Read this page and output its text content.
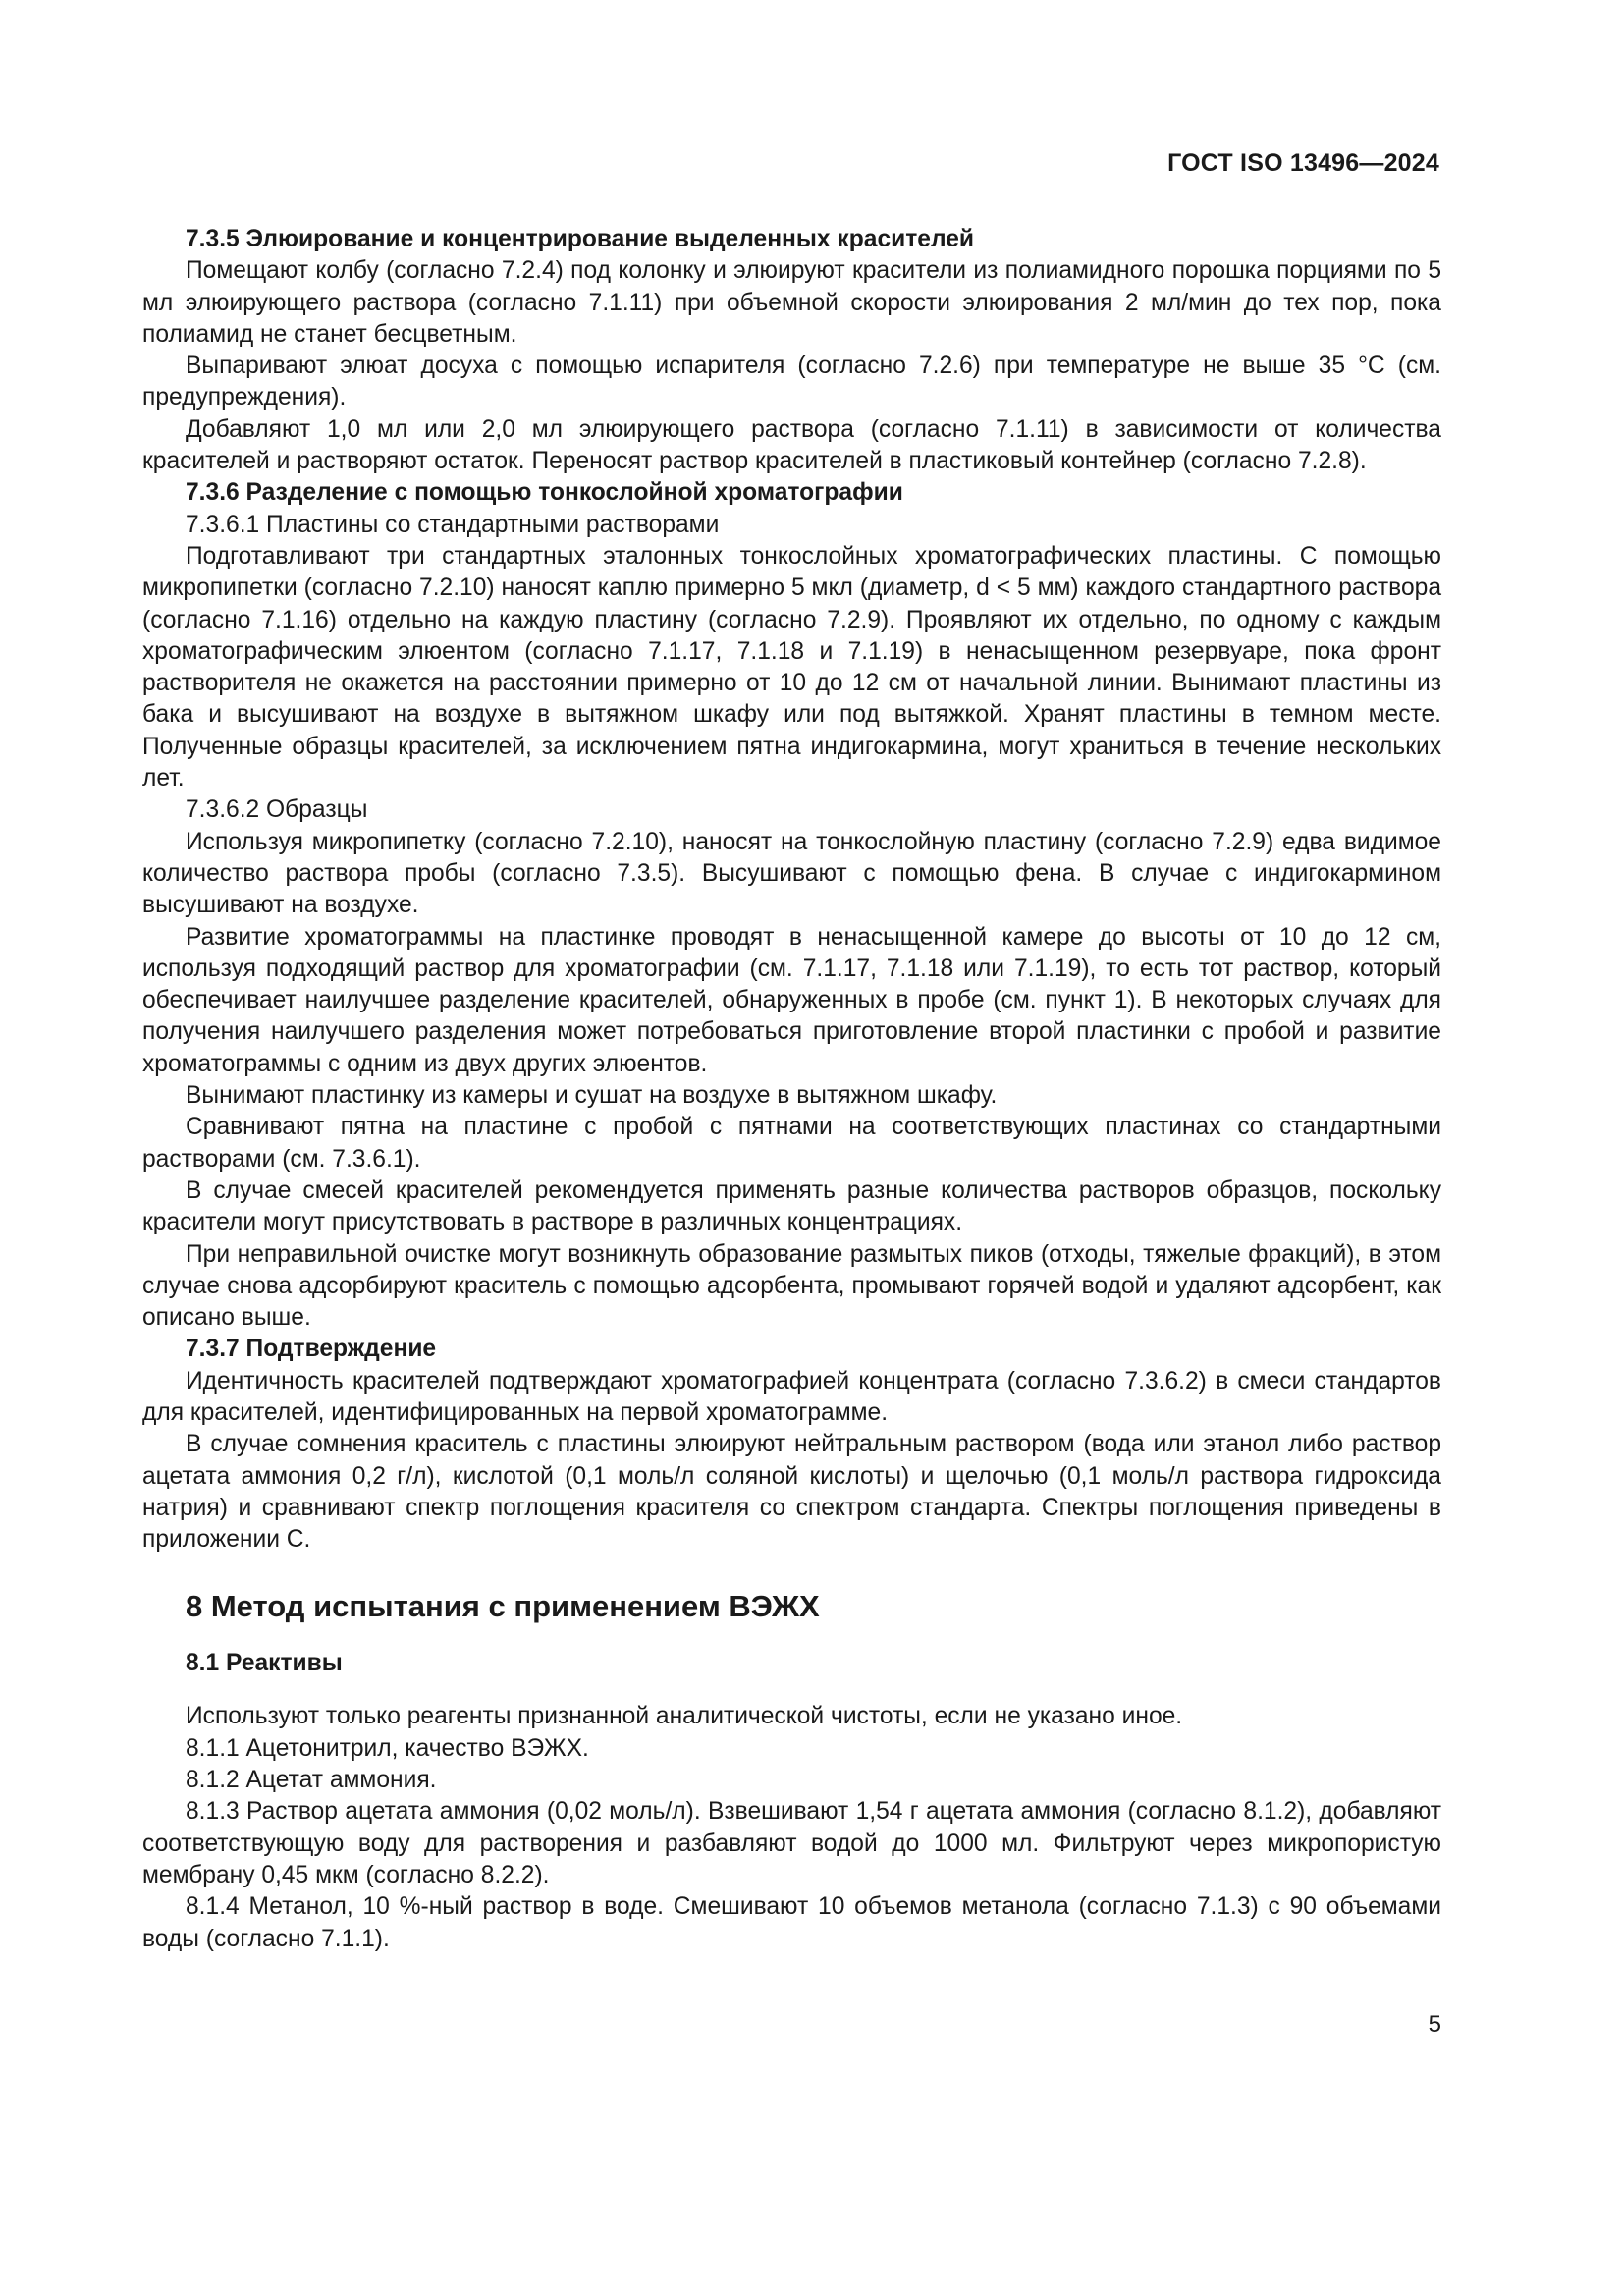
ГОСТ ISO 13496—2024

7.3.5 Элюирование и концентрирование выделенных красителей

Помещают колбу (согласно 7.2.4) под колонку и элюируют красители из полиамидного порошка порциями по 5 мл элюирующего раствора (согласно 7.1.11) при объемной скорости элюирования 2 мл/мин до тех пор, пока полиамид не станет бесцветным.

Выпаривают элюат досуха с помощью испарителя (согласно 7.2.6) при температуре не выше 35 °С (см. предупреждения).

Добавляют 1,0 мл или 2,0 мл элюирующего раствора (согласно 7.1.11) в зависимости от количества красителей и растворяют остаток. Переносят раствор красителей в пластиковый контейнер (согласно 7.2.8).

7.3.6 Разделение с помощью тонкослойной хроматографии

7.3.6.1 Пластины со стандартными растворами

Подготавливают три стандартных эталонных тонкослойных хроматографических пластины. С помощью микропипетки (согласно 7.2.10) наносят каплю примерно 5 мкл (диаметр, d < 5 мм) каждого стандартного раствора (согласно 7.1.16) отдельно на каждую пластину (согласно 7.2.9). Проявляют их отдельно, по одному с каждым хроматографическим элюентом (согласно 7.1.17, 7.1.18 и 7.1.19) в ненасыщенном резервуаре, пока фронт растворителя не окажется на расстоянии примерно от 10 до 12 см от начальной линии. Вынимают пластины из бака и высушивают на воздухе в вытяжном шкафу или под вытяжкой. Хранят пластины в темном месте. Полученные образцы красителей, за исключением пятна индигокармина, могут храниться в течение нескольких лет.

7.3.6.2 Образцы

Используя микропипетку (согласно 7.2.10), наносят на тонкослойную пластину (согласно 7.2.9) едва видимое количество раствора пробы (согласно 7.3.5). Высушивают с помощью фена. В случае с индигокармином высушивают на воздухе.

Развитие хроматограммы на пластинке проводят в ненасыщенной камере до высоты от 10 до 12 см, используя подходящий раствор для хроматографии (см. 7.1.17, 7.1.18 или 7.1.19), то есть тот раствор, который обеспечивает наилучшее разделение красителей, обнаруженных в пробе (см. пункт 1). В некоторых случаях для получения наилучшего разделения может потребоваться приготовление второй пластинки с пробой и развитие хроматограммы с одним из двух других элюентов.

Вынимают пластинку из камеры и сушат на воздухе в вытяжном шкафу.

Сравнивают пятна на пластине с пробой с пятнами на соответствующих пластинах со стандартными растворами (см. 7.3.6.1).

В случае смесей красителей рекомендуется применять разные количества растворов образцов, поскольку красители могут присутствовать в растворе в различных концентрациях.

При неправильной очистке могут возникнуть образование размытых пиков (отходы, тяжелые фракций), в этом случае снова адсорбируют краситель с помощью адсорбента, промывают горячей водой и удаляют адсорбент, как описано выше.

7.3.7 Подтверждение

Идентичность красителей подтверждают хроматографией концентрата (согласно 7.3.6.2) в смеси стандартов для красителей, идентифицированных на первой хроматограмме.

В случае сомнения краситель с пластины элюируют нейтральным раствором (вода или этанол либо раствор ацетата аммония 0,2 г/л), кислотой (0,1 моль/л соляной кислоты) и щелочью (0,1 моль/л раствора гидроксида натрия) и сравнивают спектр поглощения красителя со спектром стандарта. Спектры поглощения приведены в приложении С.

8 Метод испытания с применением ВЭЖХ
8.1 Реактивы

Используют только реагенты признанной аналитической чистоты, если не указано иное.

8.1.1 Ацетонитрил, качество ВЭЖХ.

8.1.2 Ацетат аммония.

8.1.3 Раствор ацетата аммония (0,02 моль/л). Взвешивают 1,54 г ацетата аммония (согласно 8.1.2), добавляют соответствующую воду для растворения и разбавляют водой до 1000 мл. Фильтруют через микропористую мембрану 0,45 мкм (согласно 8.2.2).

8.1.4 Метанол, 10 %-ный раствор в воде. Смешивают 10 объемов метанола (согласно 7.1.3) с 90 объемами воды (согласно 7.1.1).

5
